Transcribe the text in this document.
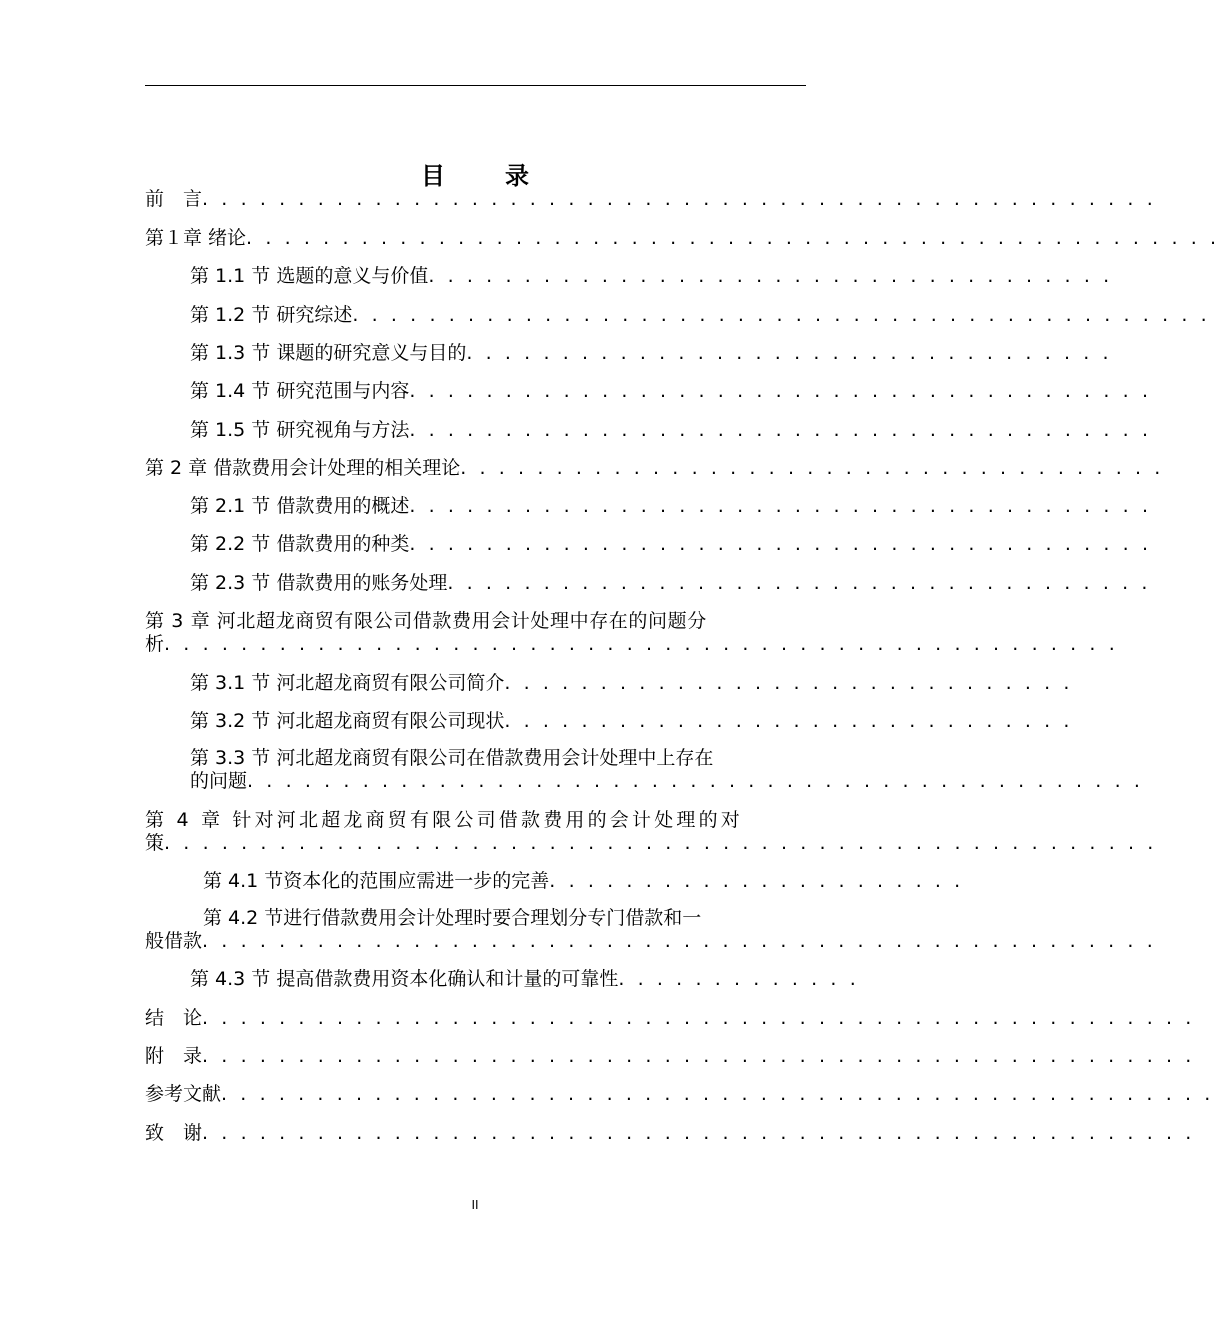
目　录
前　言. . . . . . . . . . . . . . . . . . . . . . . . . . . . . . . . . . . . . . . . . . . . . . . . . .
第１章 绪论. . . . . . . . . . . . . . . . . . . . . . . . . . . . . . . . . . . . . . . . . . . . . . . . . . .
第 1.1 节 选题的意义与价值. . . . . . . . . . . . . . . . . . . . . . . . . . . . . . . . . . . .
第 1.2 节 研究综述. . . . . . . . . . . . . . . . . . . . . . . . . . . . . . . . . . . . . . . . . . . . .
第 1.3 节 课题的研究意义与目的. . . . . . . . . . . . . . . . . . . . . . . . . . . . . . . . . .
第 1.4 节 研究范围与内容. . . . . . . . . . . . . . . . . . . . . . . . . . . . . . . . . . . . . . .
第 1.5 节 研究视角与方法. . . . . . . . . . . . . . . . . . . . . . . . . . . . . . . . . . . . . . .
第 2 章 借款费用会计处理的相关理论. . . . . . . . . . . . . . . . . . . . . . . . . . . . . . . . . . . . .
第 2.1 节 借款费用的概述. . . . . . . . . . . . . . . . . . . . . . . . . . . . . . . . . . . . . . .
第 2.2 节 借款费用的种类. . . . . . . . . . . . . . . . . . . . . . . . . . . . . . . . . . . . . . .
第 2.3 节 借款费用的账务处理. . . . . . . . . . . . . . . . . . . . . . . . . . . . . . . . . . . . .
第 3 章 河北超龙商贸有限公司借款费用会计处理中存在的问题分
析. . . . . . . . . . . . . . . . . . . . . . . . . . . . . . . . . . . . . . . . . . . . . . . . . .
第 3.1 节 河北超龙商贸有限公司简介. . . . . . . . . . . . . . . . . . . . . . . . . . . . . .
第 3.2 节 河北超龙商贸有限公司现状. . . . . . . . . . . . . . . . . . . . . . . . . . . . . .
第 3.3 节 河北超龙商贸有限公司在借款费用会计处理中上存在
的问题. . . . . . . . . . . . . . . . . . . . . . . . . . . . . . . . . . . . . . . . . . . . . . .
第 4 章 针对河北超龙商贸有限公司借款费用的会计处理的对
策. . . . . . . . . . . . . . . . . . . . . . . . . . . . . . . . . . . . . . . . . . . . . . . . . . . .
第 4.1 节资本化的范围应需进一步的完善. . . . . . . . . . . . . . . . . . . . . .
第 4.2 节进行借款费用会计处理时要合理划分专门借款和一
般借款. . . . . . . . . . . . . . . . . . . . . . . . . . . . . . . . . . . . . . . . . . . . . . . . . .
第 4.3 节 提高借款费用资本化确认和计量的可靠性. . . . . . . . . . . . .
结　论. . . . . . . . . . . . . . . . . . . . . . . . . . . . . . . . . . . . . . . . . . . . . . . . . . . .
附　录. . . . . . . . . . . . . . . . . . . . . . . . . . . . . . . . . . . . . . . . . . . . . . . . . . . .
参考文献. . . . . . . . . . . . . . . . . . . . . . . . . . . . . . . . . . . . . . . . . . . . . . . . . . . .
致　谢. . . . . . . . . . . . . . . . . . . . . . . . . . . . . . . . . . . . . . . . . . . . . . . . . . . .
II
